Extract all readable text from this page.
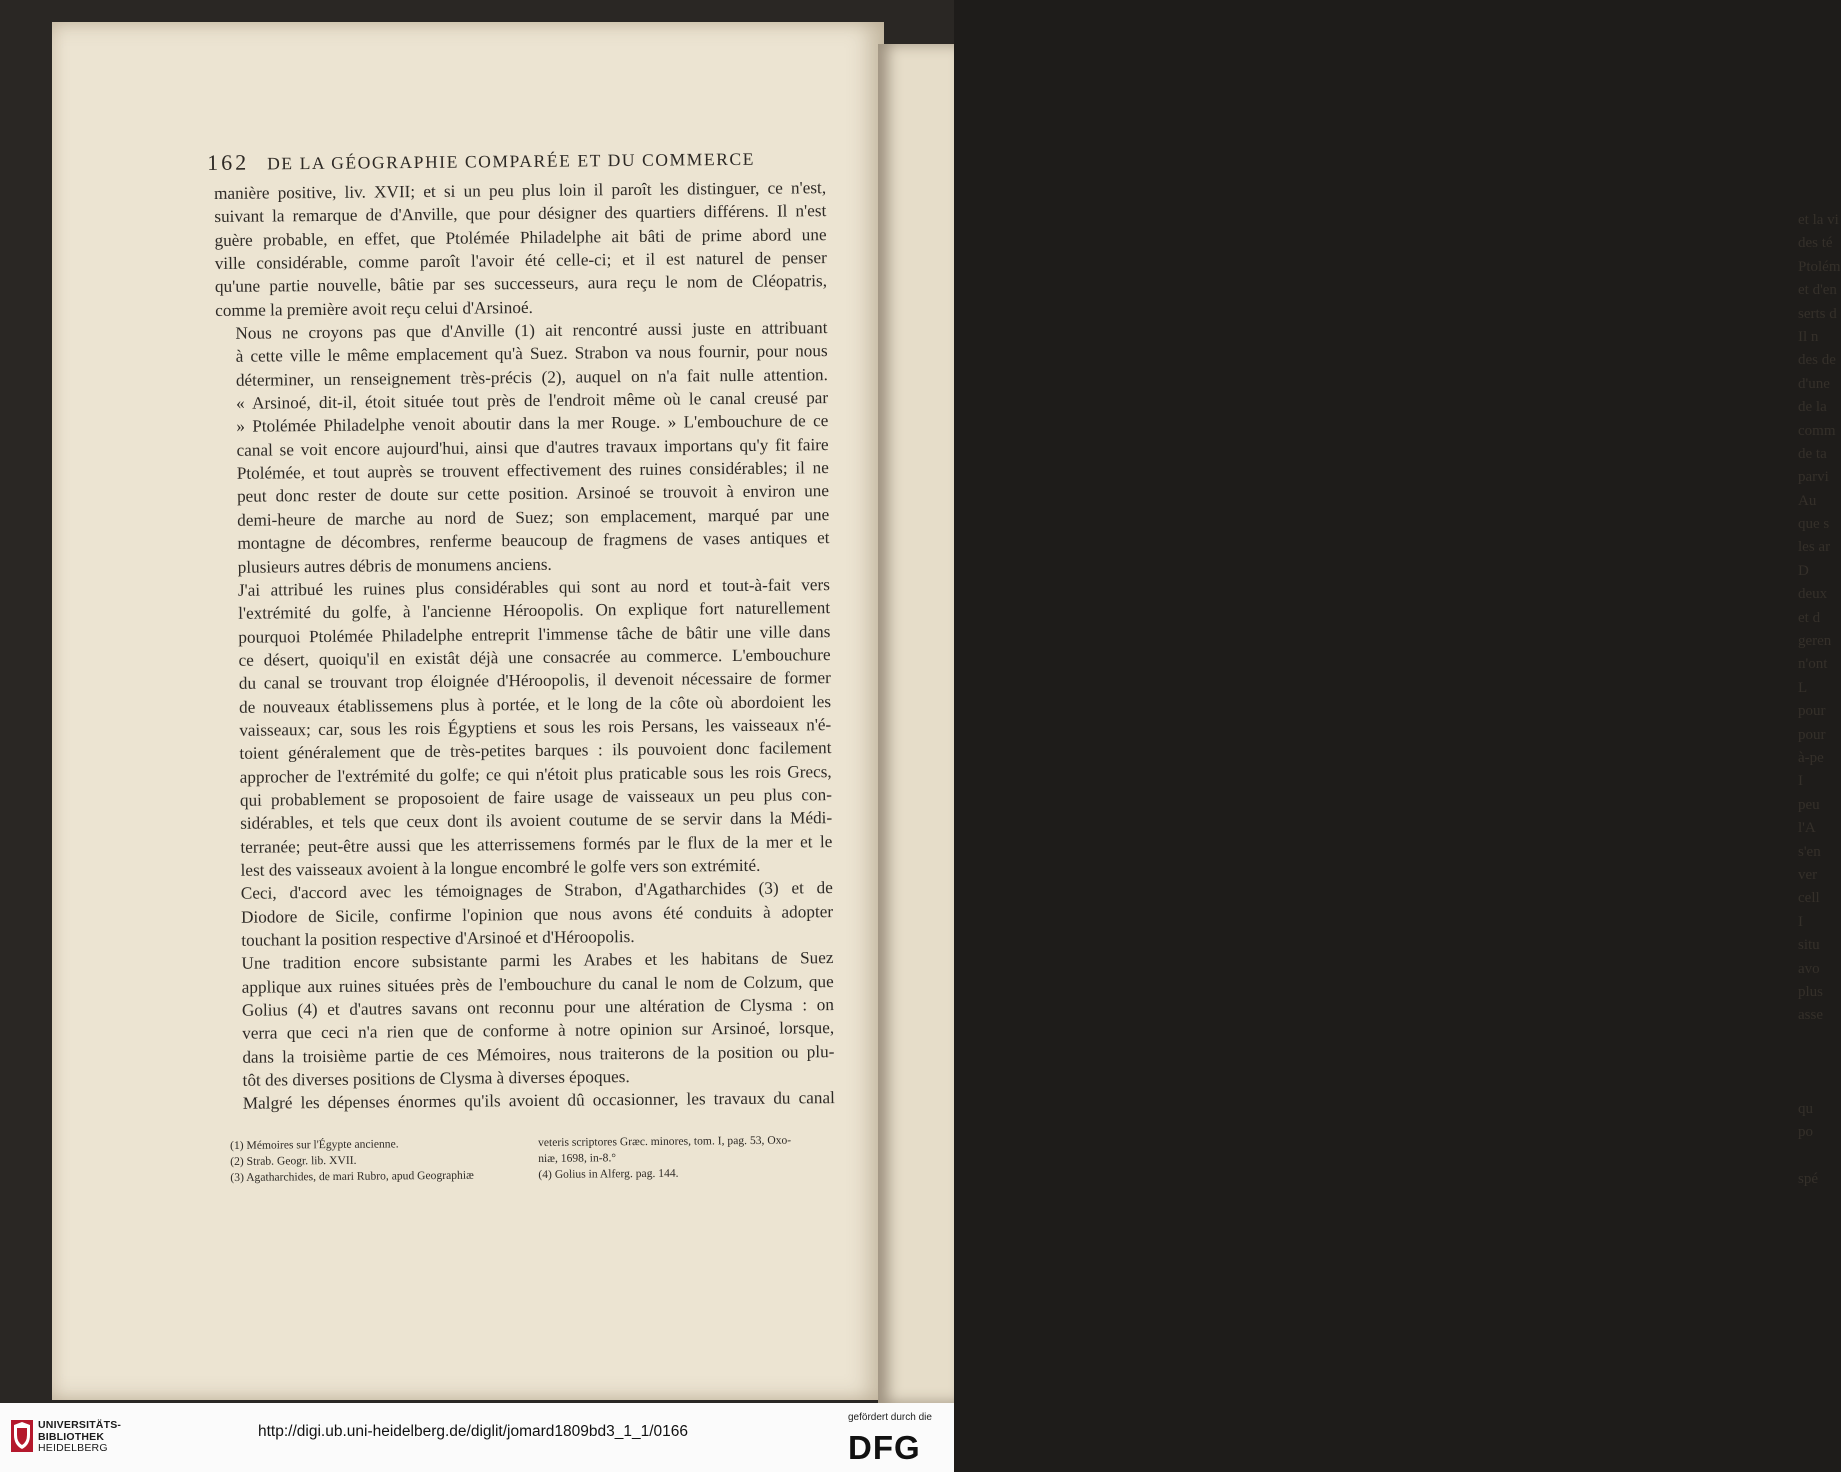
et la vi
des té
Ptolém
et d'en
serts d
Il n
des de
d'une
de la
comm
de ta
parvi
Au
que s
les ar
D
deux
et d
geren
n'ont
L
pour
pour
à-pe
I
peu
l'A
s'en
ver
cell
I
situ
avo
plus
asse
qu
po
spé
162 DE LA GÉOGRAPHIE COMPARÉE ET DU COMMERCE

manière positive, liv. XVII; et si un peu plus loin il paroît les distinguer, ce n'est,
suivant la remarque de d'Anville, que pour désigner des quartiers différens. Il n'est
guère probable, en effet, que Ptolémée Philadelphe ait bâti de prime abord une
ville considérable, comme paroît l'avoir été celle-ci; et il est naturel de penser
qu'une partie nouvelle, bâtie par ses successeurs, aura reçu le nom de Cléopatris,
comme la première avoit reçu celui d'Arsinoé.

Nous ne croyons pas que d'Anville (1) ait rencontré aussi juste en attribuant
à cette ville le même emplacement qu'à Suez. Strabon va nous fournir, pour nous
déterminer, un renseignement très-précis (2), auquel on n'a fait nulle attention.
« Arsinoé, dit-il, étoit située tout près de l'endroit même où le canal creusé par
» Ptolémée Philadelphe venoit aboutir dans la mer Rouge. » L'embouchure de ce
canal se voit encore aujourd'hui, ainsi que d'autres travaux importans qu'y fit faire
Ptolémée, et tout auprès se trouvent effectivement des ruines considérables; il ne
peut donc rester de doute sur cette position. Arsinoé se trouvoit à environ une
demi-heure de marche au nord de Suez; son emplacement, marqué par une
montagne de décombres, renferme beaucoup de fragmens de vases antiques et
plusieurs autres débris de monumens anciens.

J'ai attribué les ruines plus considérables qui sont au nord et tout-à-fait vers
l'extrémité du golfe, à l'ancienne Héroopolis. On explique fort naturellement
pourquoi Ptolémée Philadelphe entreprit l'immense tâche de bâtir une ville dans
ce désert, quoiqu'il en existât déjà une consacrée au commerce. L'embouchure
du canal se trouvant trop éloignée d'Héroopolis, il devenoit nécessaire de former
de nouveaux établissemens plus à portée, et le long de la côte où abordoient les
vaisseaux; car, sous les rois Égyptiens et sous les rois Persans, les vaisseaux n'é-
toient généralement que de très-petites barques : ils pouvoient donc facilement
approcher de l'extrémité du golfe; ce qui n'étoit plus praticable sous les rois Grecs,
qui probablement se proposoient de faire usage de vaisseaux un peu plus con-
sidérables, et tels que ceux dont ils avoient coutume de se servir dans la Médi-
terranée; peut-être aussi que les atterrissemens formés par le flux de la mer et le
lest des vaisseaux avoient à la longue encombré le golfe vers son extrémité.

Ceci, d'accord avec les témoignages de Strabon, d'Agatharchides (3) et de
Diodore de Sicile, confirme l'opinion que nous avons été conduits à adopter
touchant la position respective d'Arsinoé et d'Héroopolis.

Une tradition encore subsistante parmi les Arabes et les habitans de Suez
applique aux ruines situées près de l'embouchure du canal le nom de Colzum, que
Golius (4) et d'autres savans ont reconnu pour une altération de Clysma : on
verra que ceci n'a rien que de conforme à notre opinion sur Arsinoé, lorsque,
dans la troisième partie de ces Mémoires, nous traiterons de la position ou plu-
tôt des diverses positions de Clysma à diverses époques.

Malgré les dépenses énormes qu'ils avoient dû occasionner, les travaux du canal

(1) Mémoires sur l'Égypte ancienne.
(2) Strab. Geogr. lib. XVII.
(3) Agatharchides, de mari Rubro, apud Geographiæ
veteris scriptores Græc. minores, tom. I, pag. 53, Oxo-
niæ, 1698, in-8.°
(4) Golius in Alferg. pag. 144.
UNIVERSITÄTS-
BIBLIOTHEK
HEIDELBERG
http://digi.ub.uni-heidelberg.de/diglit/jomard1809bd3_1_1/0166
gefördert durch die
DFG
